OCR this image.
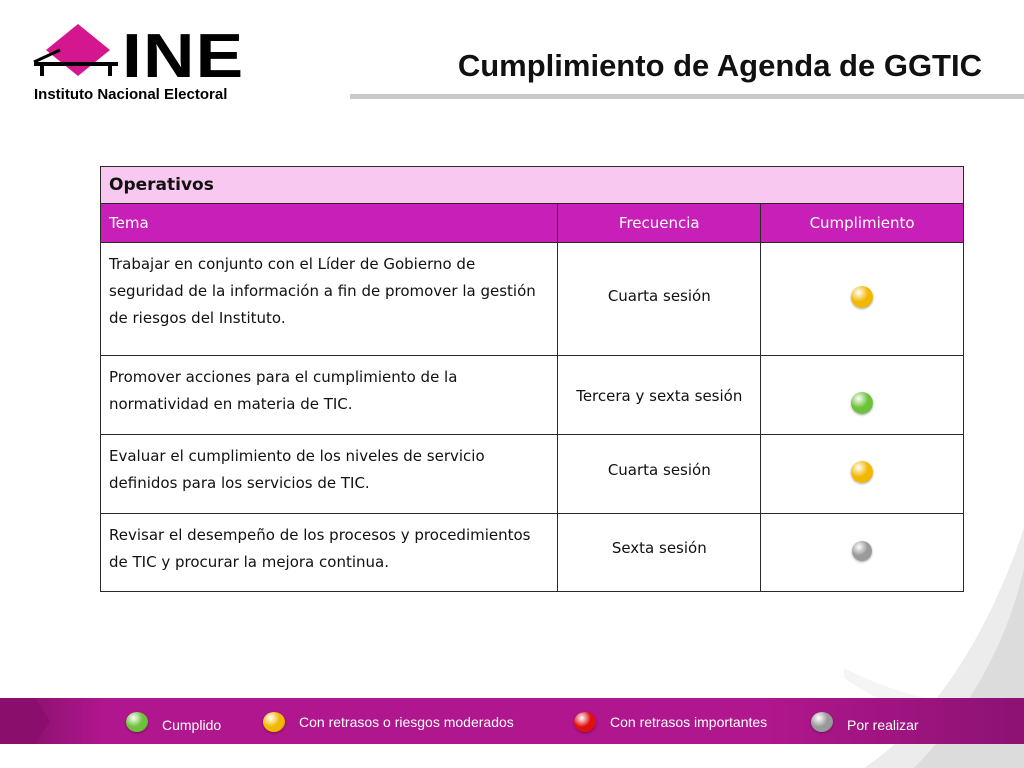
INE
Instituto Nacional Electoral
Cumplimiento de Agenda de GGTIC
Operativos		
Tema	Frecuencia	Cumplimiento
Trabajar en conjunto con el Líder de Gobierno de seguridad de la información a fin de promover la gestión de riesgos del Instituto.	Cuarta sesión	
Promover acciones para el cumplimiento de la normatividad en materia de TIC.	Tercera y sexta sesión	
Evaluar el cumplimiento de los niveles de servicio definidos para los servicios de TIC.	Cuarta sesión	
Revisar el desempeño de los procesos y procedimientos de TIC y procurar la mejora continua.	Sexta sesión	
Cumplido	Con retrasos o riesgos moderados	Con retrasos importantes	Por realizar
